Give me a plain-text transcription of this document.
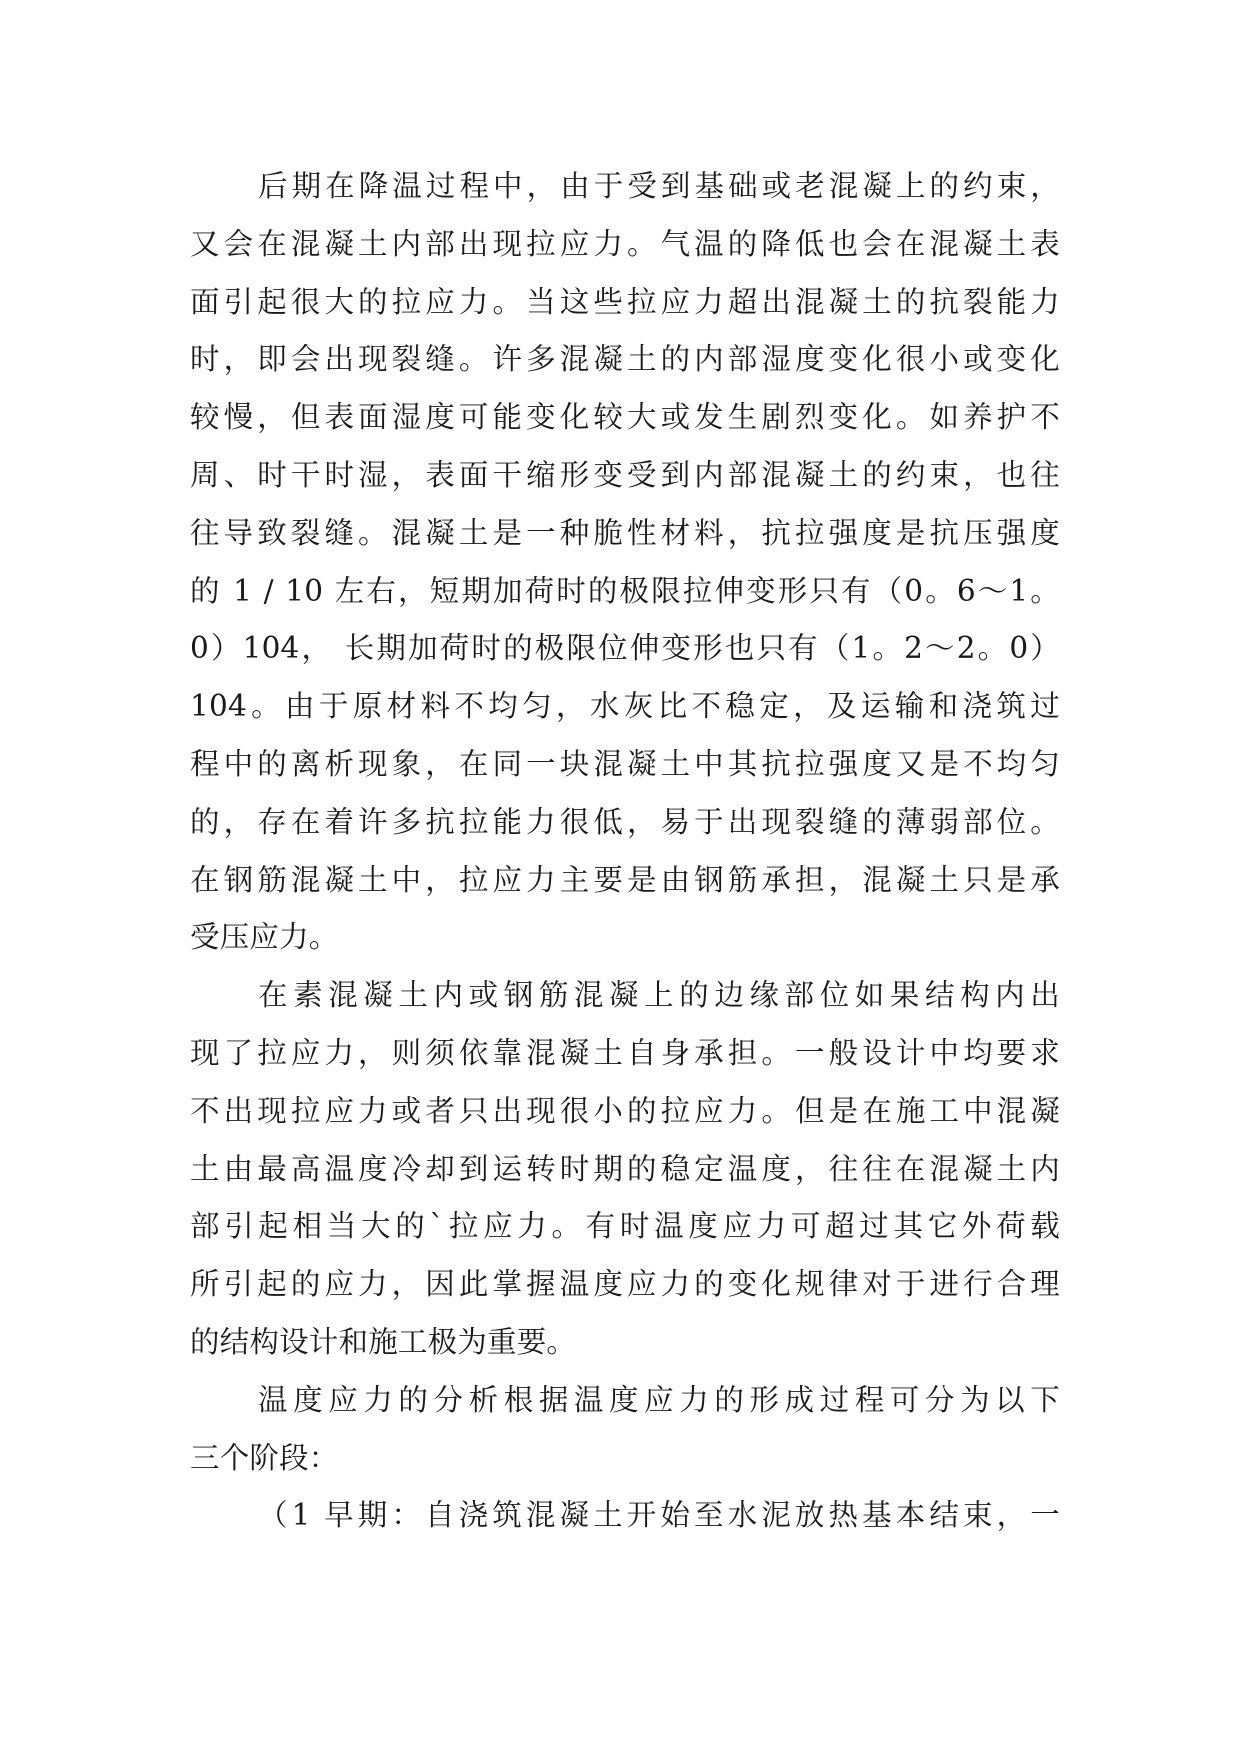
后期在降温过程中，由于受到基础或老混凝上的约束，
又会在混凝土内部出现拉应力。气温的降低也会在混凝土表
面引起很大的拉应力。当这些拉应力超出混凝土的抗裂能力
时，即会出现裂缝。许多混凝土的内部湿度变化很小或变化
较慢，但表面湿度可能变化较大或发生剧烈变化。如养护不
周、时干时湿，表面干缩形变受到内部混凝土的约束，也往
往导致裂缝。混凝土是一种脆性材料，抗拉强度是抗压强度
的 1 / 10 左右，短期加荷时的极限拉伸变形只有（0。6～1。
0）104， 长期加荷时的极限位伸变形也只有（1。2～2。0）
104。由于原材料不均匀，水灰比不稳定，及运输和浇筑过
程中的离析现象，在同一块混凝土中其抗拉强度又是不均匀
的，存在着许多抗拉能力很低，易于出现裂缝的薄弱部位。
在钢筋混凝土中，拉应力主要是由钢筋承担，混凝土只是承
受压应力。
在素混凝土内或钢筋混凝上的边缘部位如果结构内出
现了拉应力，则须依靠混凝土自身承担。一般设计中均要求
不出现拉应力或者只出现很小的拉应力。但是在施工中混凝
土由最高温度冷却到运转时期的稳定温度，往往在混凝土内
部引起相当大的`拉应力。有时温度应力可超过其它外荷载
所引起的应力，因此掌握温度应力的变化规律对于进行合理
的结构设计和施工极为重要。
温度应力的分析根据温度应力的形成过程可分为以下
三个阶段：
（1 早期：自浇筑混凝土开始至水泥放热基本结束，一
